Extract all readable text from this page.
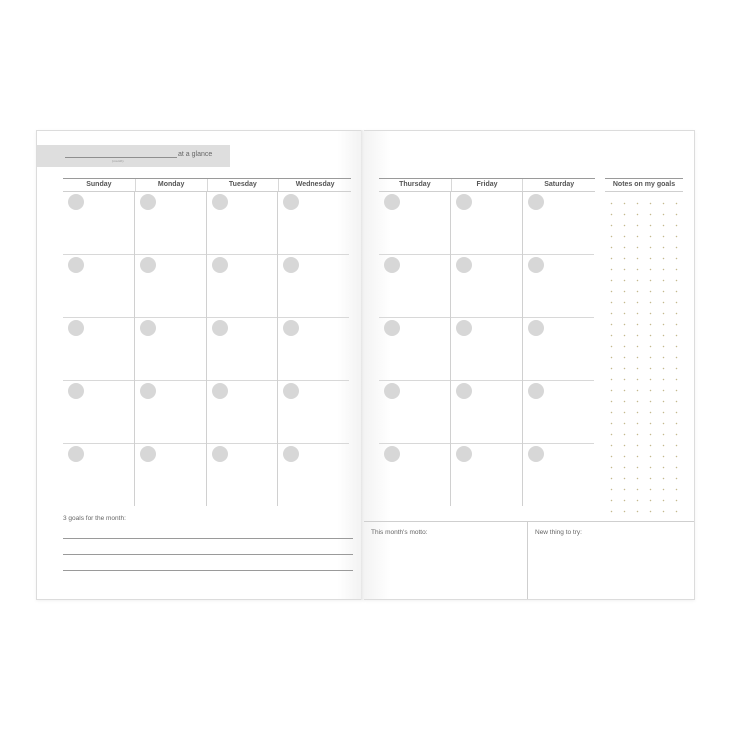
(month)
at a glance
Sunday	Monday	Tuesday	Wednesday
3 goals for the month:
Thursday	Friday	Saturday	Notes on my goals
This month's motto:	New thing to try:
